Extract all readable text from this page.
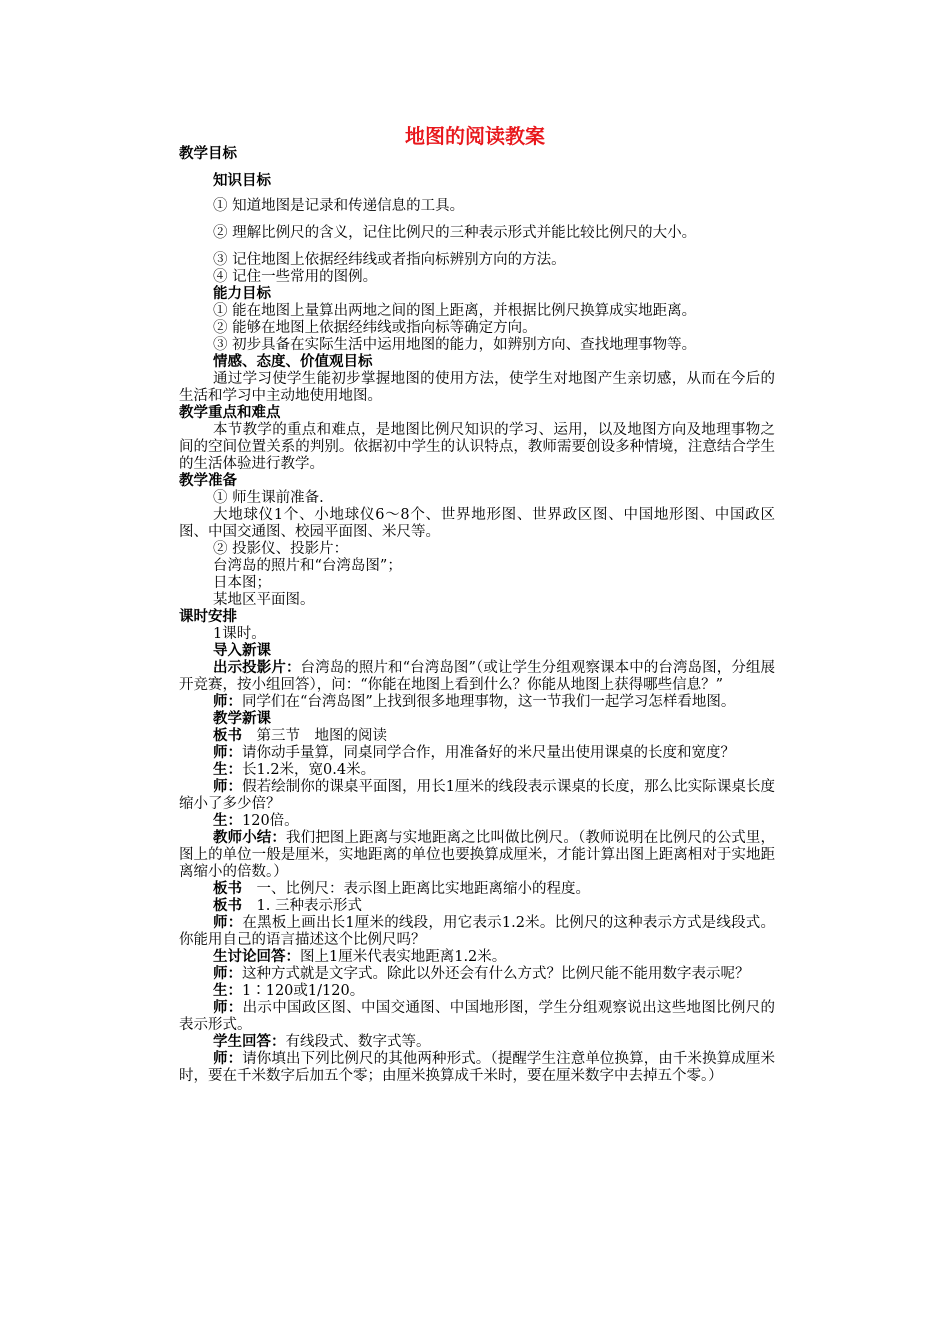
地图的阅读教案

教学目标

知识目标

① 知道地图是记录和传递信息的工具。

② 理解比例尺的含义，记住比例尺的三种表示形式并能比较比例尺的大小。

③ 记住地图上依据经纬线或者指向标辨别方向的方法。

④ 记住一些常用的图例。

能力目标

① 能在地图上量算出两地之间的图上距离，并根据比例尺换算成实地距离。

② 能够在地图上依据经纬线或指向标等确定方向。

③ 初步具备在实际生活中运用地图的能力，如辨别方向、查找地理事物等。

情感、态度、价值观目标

通过学习使学生能初步掌握地图的使用方法，使学生对地图产生亲切感，从而在今后的生活和学习中主动地使用地图。

教学重点和难点

本节教学的重点和难点，是地图比例尺知识的学习、运用，以及地图方向及地理事物之间的空间位置关系的判别。依据初中学生的认识特点，教师需要创设多种情境，注意结合学生的生活体验进行教学。

教学准备

① 师生课前准备.

大地球仪1个、小地球仪6～8个、世界地形图、世界政区图、中国地形图、中国政区图、中国交通图、校园平面图、米尺等。

② 投影仪、投影片：

台湾岛的照片和“台湾岛图”；

日本图；

某地区平面图。

课时安排

1课时。

导入新课

出示投影片：台湾岛的照片和“台湾岛图”（或让学生分组观察课本中的台湾岛图，分组展开竞赛，按小组回答），问：“你能在地图上看到什么？你能从地图上获得哪些信息？”

师：同学们在“台湾岛图”上找到很多地理事物，这一节我们一起学习怎样看地图。

教学新课

板书　第三节　地图的阅读

师：请你动手量算，同桌同学合作，用准备好的米尺量出使用课桌的长度和宽度？

生：长1.2米，宽0.4米。

师：假若绘制你的课桌平面图，用长1厘米的线段表示课桌的长度，那么比实际课桌长度缩小了多少倍？

生：120倍。

教师小结：我们把图上距离与实地距离之比叫做比例尺。（教师说明在比例尺的公式里，图上的单位一般是厘米，实地距离的单位也要换算成厘米，才能计算出图上距离相对于实地距离缩小的倍数。）

板书　一、比例尺：表示图上距离比实地距离缩小的程度。

板书　1. 三种表示形式

师：在黑板上画出长1厘米的线段，用它表示1.2米。比例尺的这种表示方式是线段式。你能用自己的语言描述这个比例尺吗？

生讨论回答：图上1厘米代表实地距离1.2米。

师：这种方式就是文字式。除此以外还会有什么方式？比例尺能不能用数字表示呢？

生：1∶120或1/120。

师：出示中国政区图、中国交通图、中国地形图，学生分组观察说出这些地图比例尺的表示形式。

学生回答：有线段式、数字式等。

师：请你填出下列比例尺的其他两种形式。（提醒学生注意单位换算，由千米换算成厘米时，要在千米数字后加五个零；由厘米换算成千米时，要在厘米数字中去掉五个零。）
